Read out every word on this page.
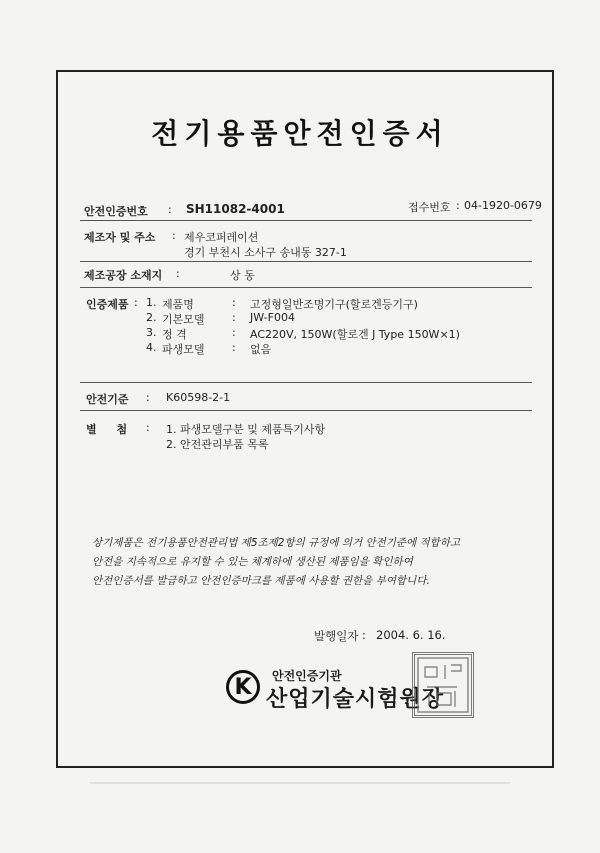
전기용품안전인증서
안전인증번호 : SH11082-4001	접수번호 : 04-1920-0679
제조자 및 주소 : 제우코퍼레이션
경기 부천시 소사구 송내동 327-1
제조공장 소재지 :	상 동
인증제품 : 1. 제품명	: 고정형일반조명기구(할로겐등기구)
2. 기본모델 : JW-F004
3. 정 격	: AC220V, 150W(할로겐 J Type 150W×1)
4. 파생모델 : 없음
안전기준 : K60598-2-1
별 첨 : 1. 파생모델구분 및 제품특기사항
2. 안전관리부품 목록
상기제품은 전기용품안전관리법 제5조제2항의 규정에 의거 안전기준에 적합하고
안전을 지속적으로 유지할 수 있는 체계하에 생산된 제품임을 확인하여
안전인증서를 발급하고 안전인증마크를 제품에 사용할 권한을 부여합니다.
발행일자 : 2004. 6. 16.
K	안전인증기관
산업기술시험원장
